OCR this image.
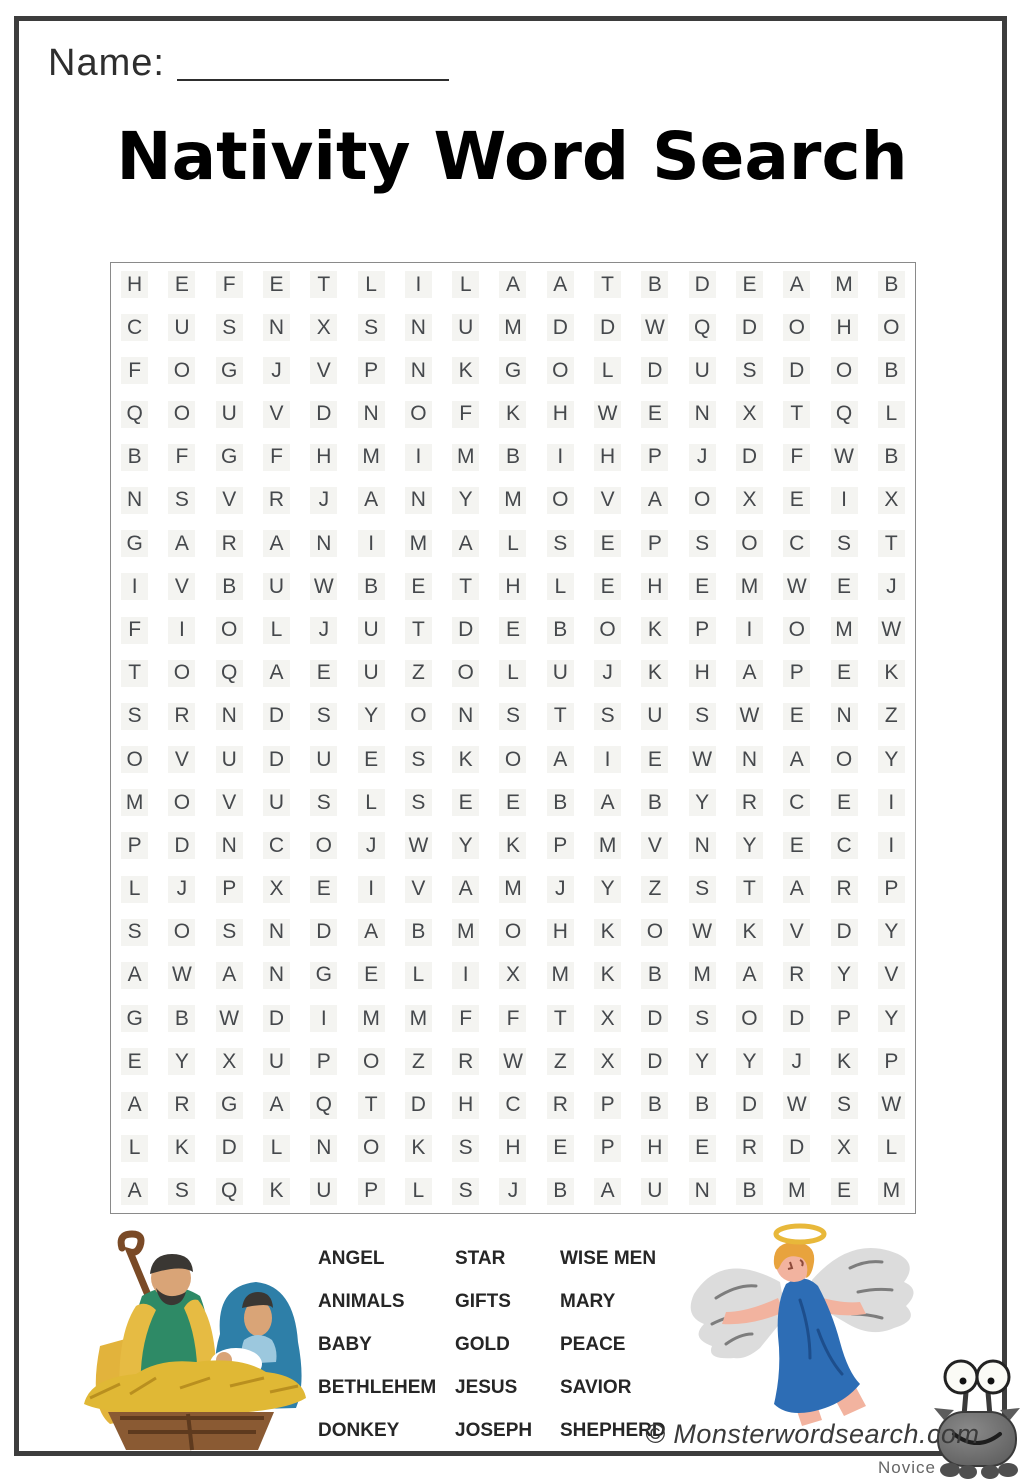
Name:
Nativity Word Search
H	E	F	E	T	L	I	L	A	A	T	B	D	E	A	M	B
C U	S	N	X	S	N U M D D W Q D O H O
F	O G	J	V	P	N	K	G O	L	D U	S	D O	B
Q O U	V	D N O	F	K	H W	E	N	X	T	Q	L
B	F	G	F	H M	I	M	B	I	H	P	J	D	F	W	B
N	S	V	R	J	A	N	Y	M O	V	A	O	X	E	I	X
G	A	R	A	N	I	M	A	L	S	E	P	S	O C	S	T
I	V	B	U W	B	E	T	H	L	E	H	E	M W	E	J
F	I	O	L	J	U	T	D	E	B	O	K	P	I	O M W
T	O Q	A	E	U	Z	O	L	U	J	K	H	A	P	E	K
S	R N D	S	Y	O N	S	T	S	U	S	W	E	N	Z
O	V	U D U	E	S	K	O	A	I	E	W N	A	O	Y
M O	V	U	S	L	S	E	E	B	A	B	Y	R C	E	I
P	D N C O	J	W	Y	K	P	M	V	N	Y	E	C	I
L	J	P	X	E	I	V	A	M	J	Y	Z	S	T	A	R	P
S	O	S	N D	A	B	M O H	K	O W	K	V	D	Y
A	W	A	N G	E	L	I	X	M	K	B	M	A	R	Y	V
G	B	W D	I	M M	F	F	T	X	D	S	O D	P	Y
E	Y	X	U	P	O	Z	R W	Z	X	D	Y	Y	J	K	P
A	R G	A	Q	T	D H C R	P	B	B	D W	S	W
L	K	D	L	N O	K	S	H	E	P	H	E	R D	X	L
A	S	Q	K	U	P	L	S	J	B	A	U N	B	M	E	M
ANGEL
ANIMALS
BABY
BETHLEHEM
DONKEY
STAR
GIFTS
GOLD
JESUS
JOSEPH
WISE MEN
MARY
PEACE
SAVIOR
SHEPHERD
© Monsterwordsearch.com
Novice
